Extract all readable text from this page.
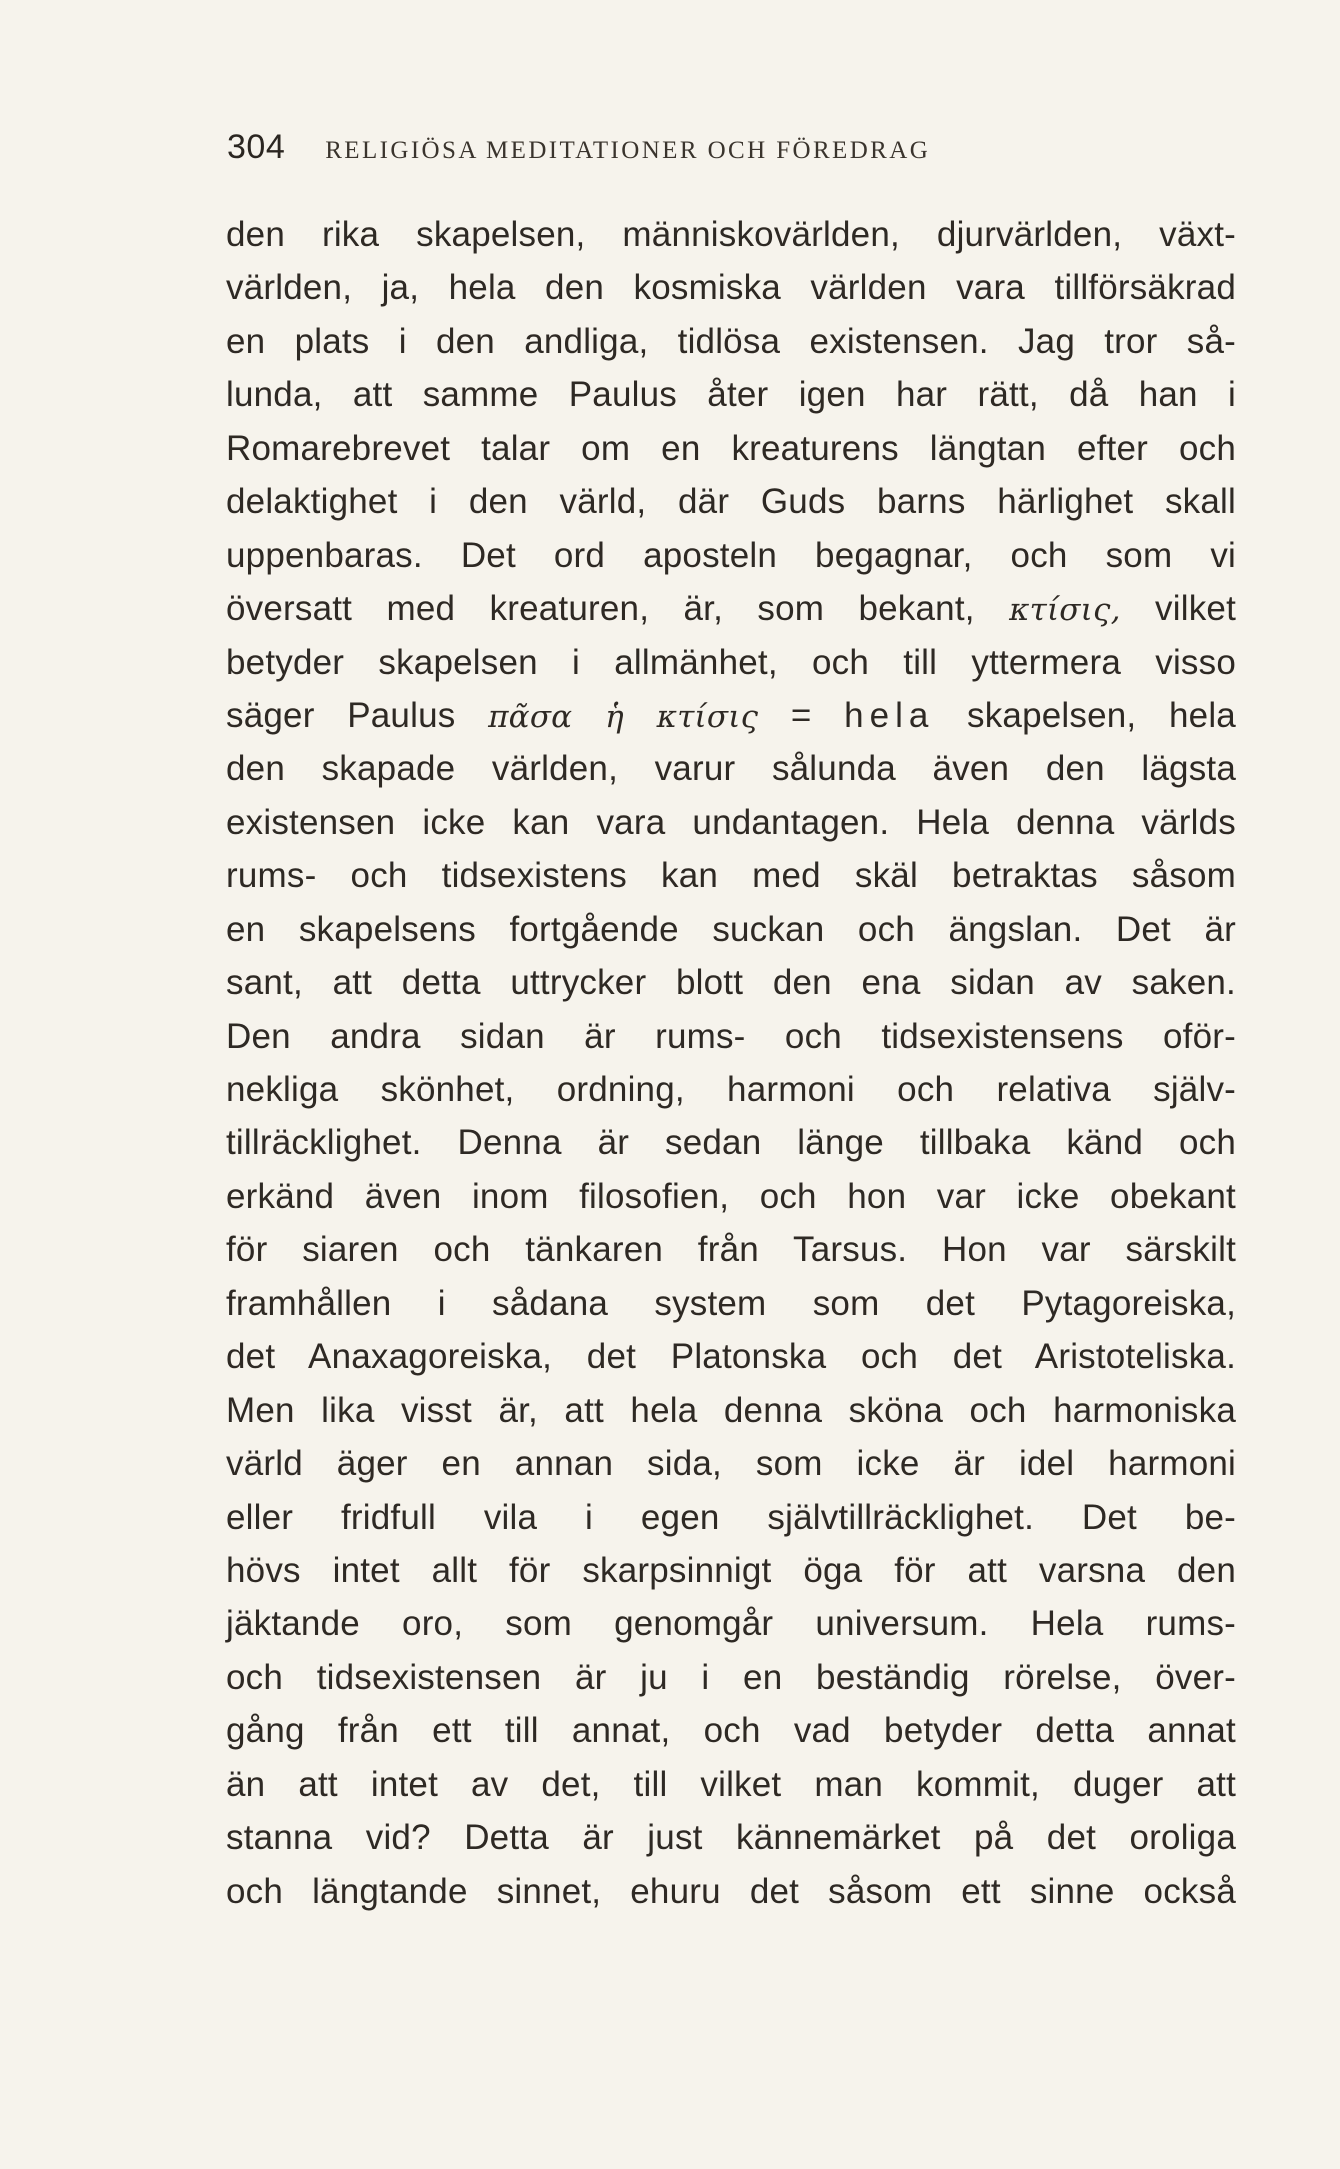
304 RELIGIÖSA MEDITATIONER OCH FÖREDRAG
den rika skapelsen, människovärlden, djurvärlden, växt-
världen, ja, hela den kosmiska världen vara tillförsäkrad
en plats i den andliga, tidlösa existensen. Jag tror så-
lunda, att samme Paulus åter igen har rätt, då han i
Romarebrevet talar om en kreaturens längtan efter och
delaktighet i den värld, där Guds barns härlighet skall
uppenbaras. Det ord aposteln begagnar, och som vi
översatt med kreaturen, är, som bekant, κτίσις, vilket
betyder skapelsen i allmänhet, och till yttermera visso
säger Paulus πᾶσα ἡ κτίσις = hela skapelsen, hela
den skapade världen, varur sålunda även den lägsta
existensen icke kan vara undantagen. Hela denna världs
rums- och tidsexistens kan med skäl betraktas såsom
en skapelsens fortgående suckan och ängslan. Det är
sant, att detta uttrycker blott den ena sidan av saken.
Den andra sidan är rums- och tidsexistensens oför-
nekliga skönhet, ordning, harmoni och relativa själv-
tillräcklighet. Denna är sedan länge tillbaka känd och
erkänd även inom filosofien, och hon var icke obekant
för siaren och tänkaren från Tarsus. Hon var särskilt
framhållen i sådana system som det Pytagoreiska,
det Anaxagoreiska, det Platonska och det Aristoteliska.
Men lika visst är, att hela denna sköna och harmoniska
värld äger en annan sida, som icke är idel harmoni
eller fridfull vila i egen självtillräcklighet. Det be-
hövs intet allt för skarpsinnigt öga för att varsna den
jäktande oro, som genomgår universum. Hela rums-
och tidsexistensen är ju i en beständig rörelse, över-
gång från ett till annat, och vad betyder detta annat
än att intet av det, till vilket man kommit, duger att
stanna vid? Detta är just kännemärket på det oroliga
och längtande sinnet, ehuru det såsom ett sinne också
